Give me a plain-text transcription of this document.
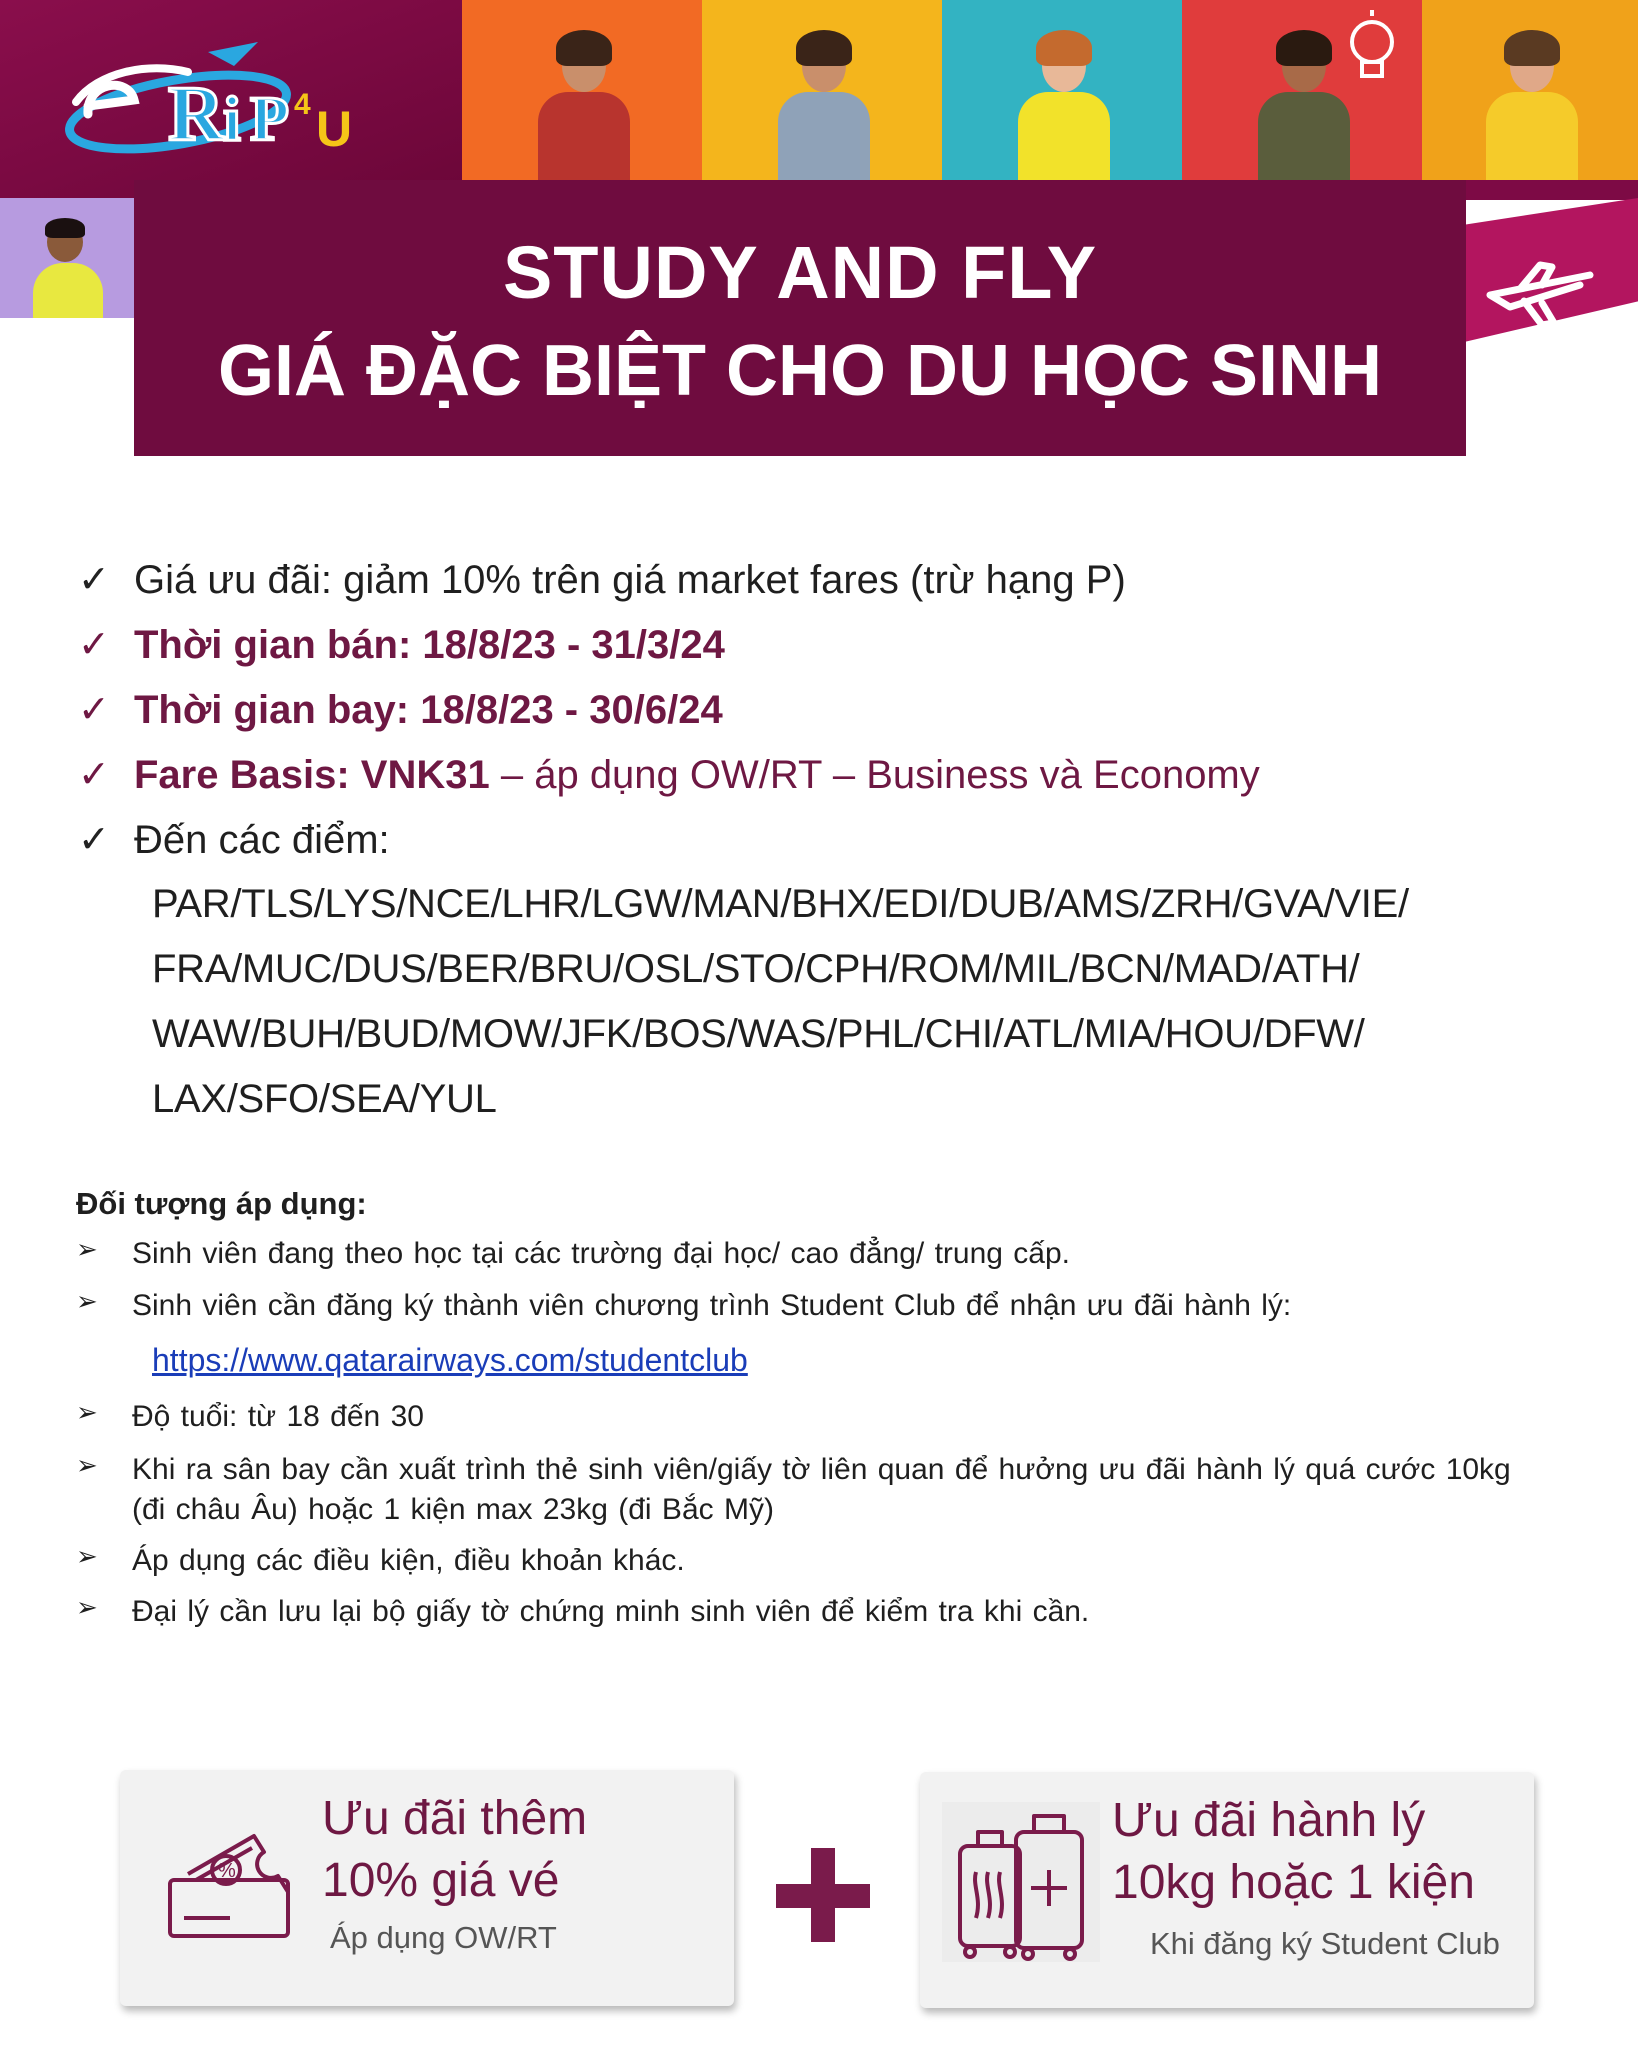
R
i P 4 U
STUDY AND FLY
GIÁ ĐẶC BIỆT CHO DU HỌC SINH
✓ Giá ưu đãi: giảm 10% trên giá market fares (trừ hạng P)
✓ Thời gian bán: 18/8/23 - 31/3/24
✓ Thời gian bay: 18/8/23 - 30/6/24
✓ Fare Basis: VNK31 – áp dụng OW/RT – Business và Economy
✓ Đến các điểm:
PAR/TLS/LYS/NCE/LHR/LGW/MAN/BHX/EDI/DUB/AMS/ZRH/GVA/VIE/
FRA/MUC/DUS/BER/BRU/OSL/STO/CPH/ROM/MIL/BCN/MAD/ATH/
WAW/BUH/BUD/MOW/JFK/BOS/WAS/PHL/CHI/ATL/MIA/HOU/DFW/
LAX/SFO/SEA/YUL
Đối tượng áp dụng:
➢ Sinh viên đang theo học tại các trường đại học/ cao đẳng/ trung cấp.
➢ Sinh viên cần đăng ký thành viên chương trình Student Club để nhận ưu đãi hành lý:
https://www.qatarairways.com/studentclub
➢ Độ tuổi: từ 18 đến 30
➢ Khi ra sân bay cần xuất trình thẻ sinh viên/giấy tờ liên quan để hưởng ưu đãi hành lý quá cước 10kg
(đi châu Âu) hoặc 1 kiện max 23kg (đi Bắc Mỹ)
➢ Áp dụng các điều kiện, điều khoản khác.
➢ Đại lý cần lưu lại bộ giấy tờ chứng minh sinh viên để kiểm tra khi cần.
%
Ưu đãi thêm
10% giá vé
Áp dụng OW/RT
Ưu đãi hành lý
10kg hoặc 1 kiện
Khi đăng ký Student Club
